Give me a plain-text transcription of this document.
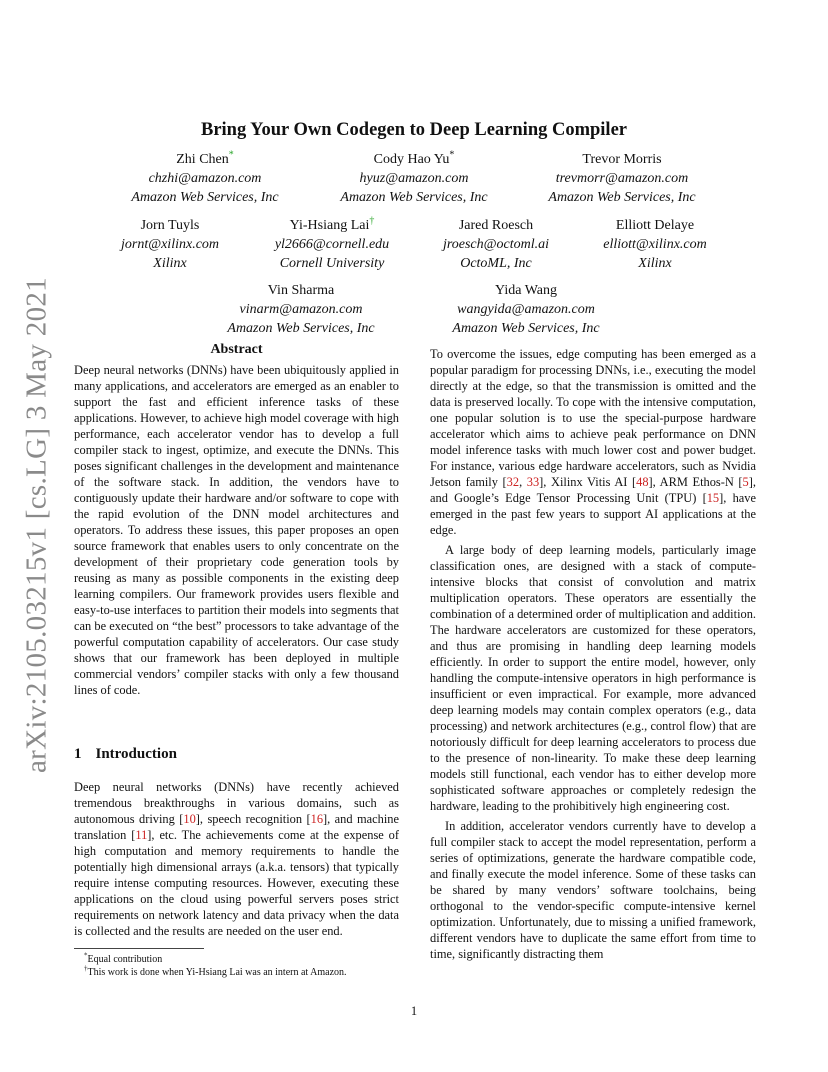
arXiv:2105.03215v1 [cs.LG] 3 May 2021
Bring Your Own Codegen to Deep Learning Compiler
Zhi Chen*
chzhi@amazon.com
Amazon Web Services, Inc
Cody Hao Yu*
hyuz@amazon.com
Amazon Web Services, Inc
Trevor Morris
trevmorr@amazon.com
Amazon Web Services, Inc
Jorn Tuyls
jornt@xilinx.com
Xilinx
Yi-Hsiang Lai†
yl2666@cornell.edu
Cornell University
Jared Roesch
jroesch@octoml.ai
OctoML, Inc
Elliott Delaye
elliott@xilinx.com
Xilinx
Vin Sharma
vinarm@amazon.com
Amazon Web Services, Inc
Yida Wang
wangyida@amazon.com
Amazon Web Services, Inc
Abstract

Deep neural networks (DNNs) have been ubiquitously applied in many applications, and accelerators are emerged as an enabler to support the fast and efficient inference tasks of these applications. However, to achieve high model coverage with high performance, each accelerator vendor has to develop a full compiler stack to ingest, optimize, and execute the DNNs. This poses significant challenges in the development and maintenance of the software stack. In addition, the vendors have to contiguously update their hardware and/or software to cope with the rapid evolution of the DNN model architectures and operators. To address these issues, this paper proposes an open source framework that enables users to only concentrate on the development of their proprietary code generation tools by reusing as many as possible components in the existing deep learning compilers. Our framework provides users flexible and easy-to-use interfaces to partition their models into segments that can be executed on “the best” processors to take advantage of the powerful computation capability of accelerators. Our case study shows that our framework has been deployed in multiple commercial vendors’ compiler stacks with only a few thousand lines of code.

1 Introduction

Deep neural networks (DNNs) have recently achieved tremendous breakthroughs in various domains, such as autonomous driving [10], speech recognition [16], and machine translation [11], etc. The achievements come at the expense of high computation and memory requirements to handle the potentially high dimensional arrays (a.k.a. tensors) that typically require intense computing resources. However, executing these applications on the cloud using powerful servers poses strict requirements on network latency and data privacy when the data is collected and the results are needed on the user end.

To overcome the issues, edge computing has been emerged as a popular paradigm for processing DNNs, i.e., executing the model directly at the edge, so that the transmission is omitted and the data is preserved locally. To cope with the intensive computation, one popular solution is to use the special-purpose hardware accelerator which aims to achieve peak performance on DNN model inference tasks with much lower cost and power budget. For instance, various edge hardware accelerators, such as Nvidia Jetson family [32, 33], Xilinx Vitis AI [48], ARM Ethos-N [5], and Google’s Edge Tensor Processing Unit (TPU) [15], have emerged in the past few years to support AI applications at the edge.

A large body of deep learning models, particularly image classification ones, are designed with a stack of compute-intensive blocks that consist of convolution and matrix multiplication operators. These operators are essentially the combination of a determined order of multiplication and addition. The hardware accelerators are customized for these operators, and thus are promising in handling deep learning models efficiently. In order to support the entire model, however, only handling the compute-intensive operators in high performance is insufficient or even impractical. For example, more advanced deep learning models may contain complex operators (e.g., data processing) and network architectures (e.g., control flow) that are notoriously difficult for deep learning accelerators to process due to the presence of non-linearity. To make these deep learning models still functional, each vendor has to either develop more sophisticated software approaches or completely redesign the hardware, leading to the prohibitively high engineering cost.

In addition, accelerator vendors currently have to develop a full compiler stack to accept the model representation, perform a series of optimizations, generate the hardware compatible code, and finally execute the model inference. Some of these tasks can be shared by many vendors’ software toolchains, being orthogonal to the vendor-specific compute-intensive kernel optimization. Unfortunately, due to missing a unified framework, different vendors have to duplicate the same effort from time to time, significantly distracting them

*Equal contribution
†This work is done when Yi-Hsiang Lai was an intern at Amazon.
1
